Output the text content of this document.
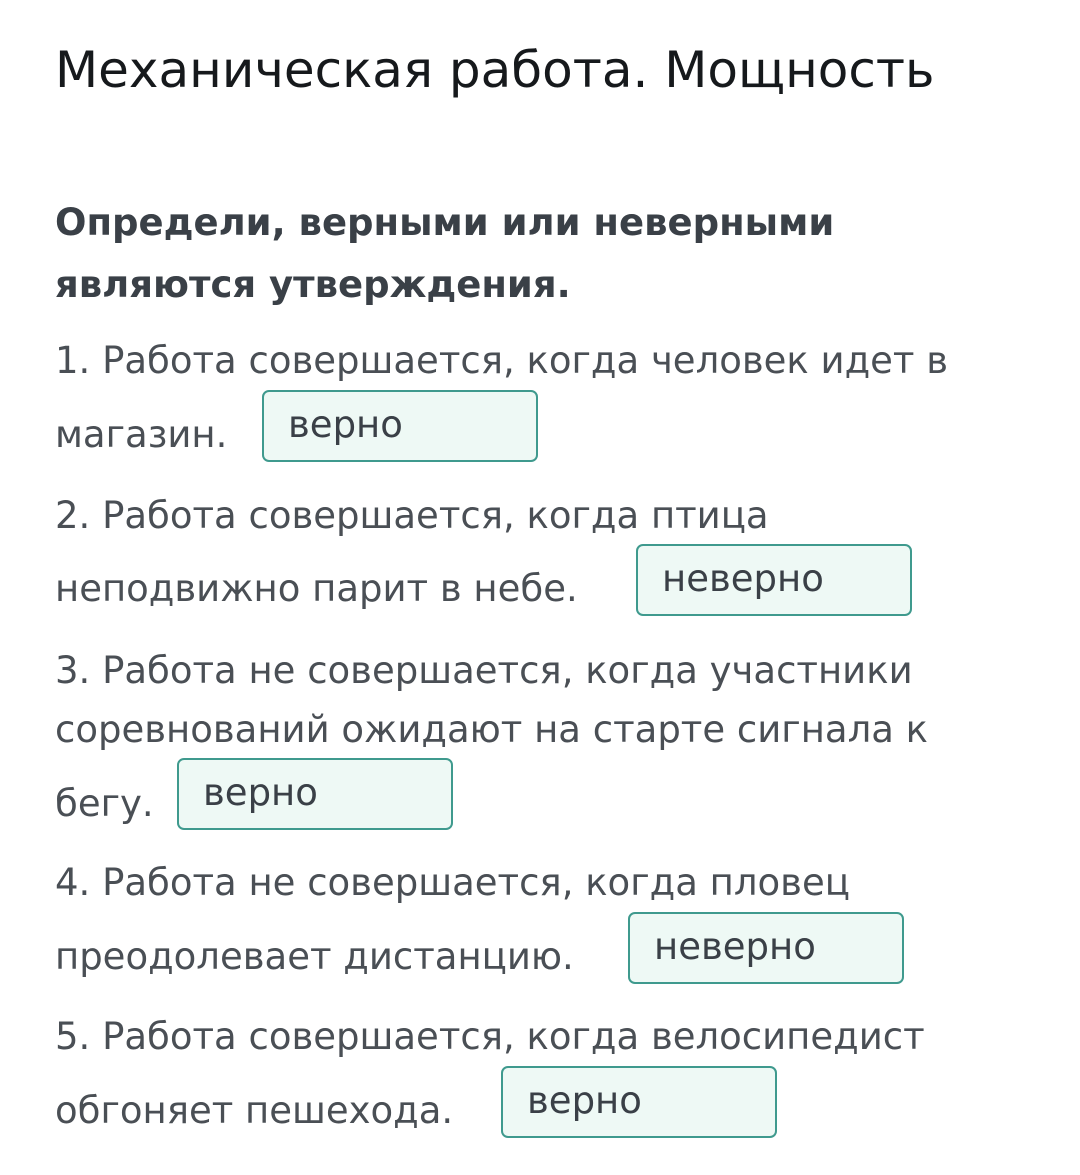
Механическая работа. Мощность
Определи, верными или неверными
являются утверждения.
1. Работа совершается, когда человек идет в
магазин.	верно
2. Работа совершается, когда птица
неподвижно парит в небе.	неверно
3. Работа не совершается, когда участники
соревнований ожидают на старте сигнала к
бегу.	верно
4. Работа не совершается, когда пловец
преодолевает дистанцию.	неверно
5. Работа совершается, когда велосипедист
обгоняет пешехода.	верно
